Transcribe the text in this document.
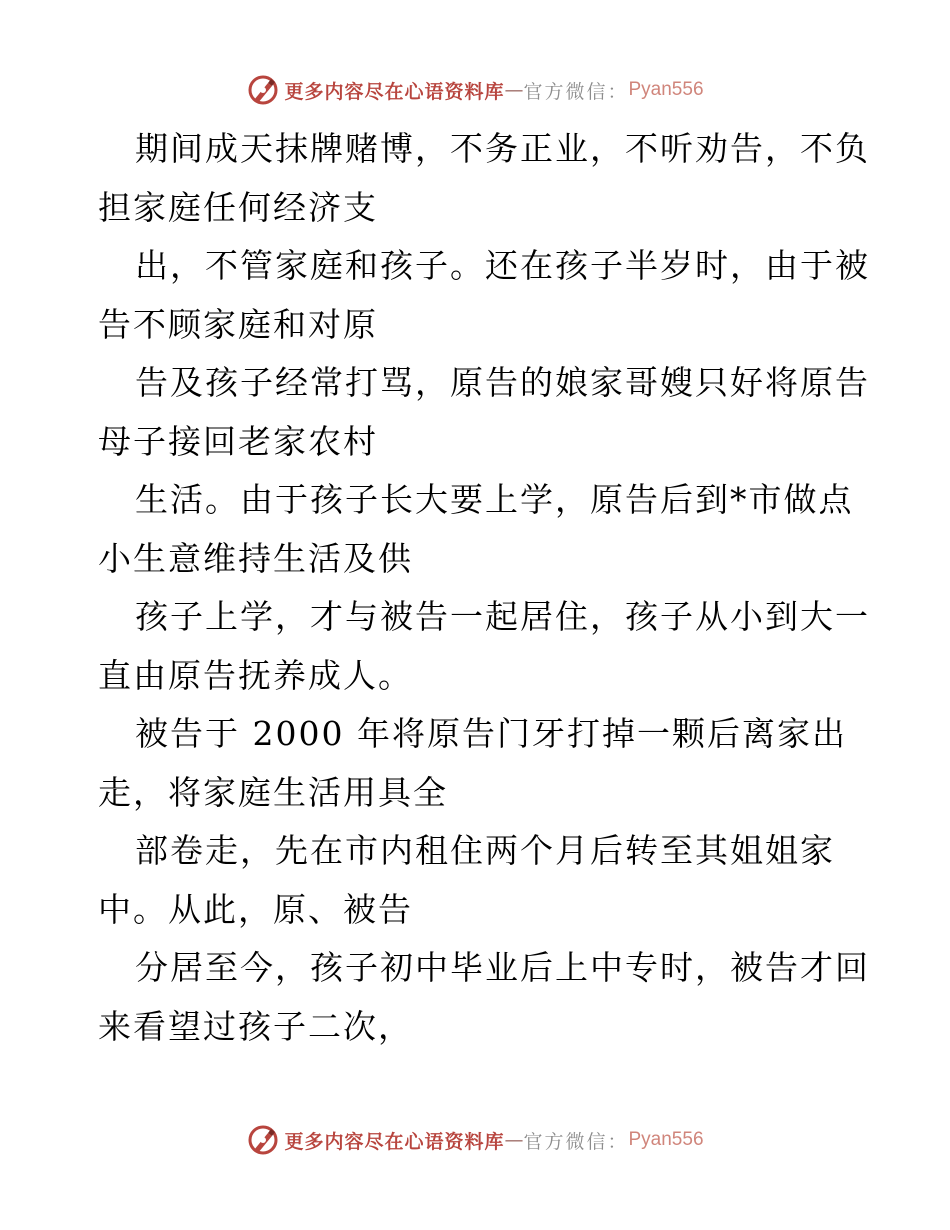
更多内容尽在心语资料库 — 官方微信： Pyan556
期间成天抹牌赌博，不务正业，不听劝告，不负
担家庭任何经济支
出，不管家庭和孩子。还在孩子半岁时，由于被
告不顾家庭和对原
告及孩子经常打骂，原告的娘家哥嫂只好将原告
母子接回老家农村
生活。由于孩子长大要上学，原告后到*市做点
小生意维持生活及供
孩子上学，才与被告一起居住，孩子从小到大一
直由原告抚养成人。
被告于 2000 年将原告门牙打掉一颗后离家出
走，将家庭生活用具全
部卷走，先在市内租住两个月后转至其姐姐家
中。从此，原、被告
分居至今，孩子初中毕业后上中专时，被告才回
来看望过孩子二次，
更多内容尽在心语资料库 — 官方微信： Pyan556
